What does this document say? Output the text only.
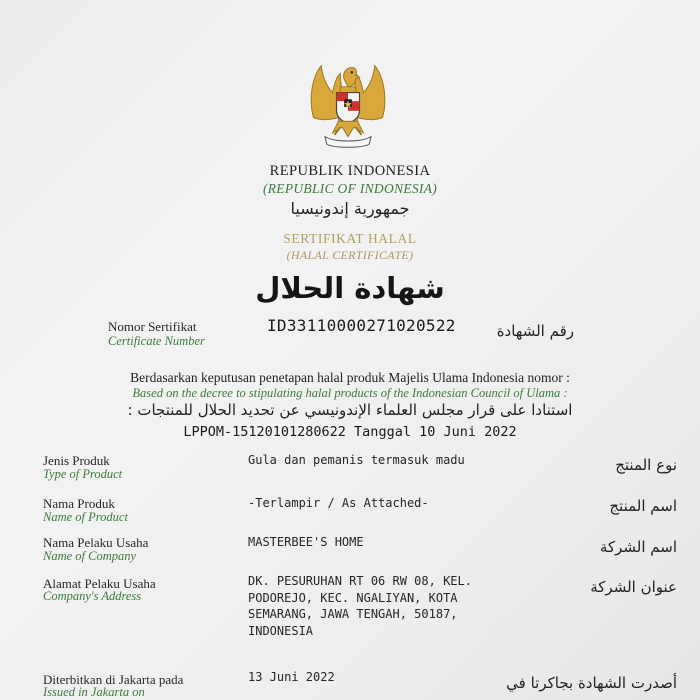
REPUBLIK INDONESIA
(REPUBLIC OF INDONESIA)
جمهورية إندونيسيا
SERTIFIKAT HALAL
(HALAL CERTIFICATE)
شهادة الحلال
Nomor Sertifikat
Certificate Number
ID33110000271020522	رقم الشهادة
Berdasarkan keputusan penetapan halal produk Majelis Ulama Indonesia nomor :
Based on the decree to stipulating halal products of the Indonesian Council of Ulama :
استنادا على قرار مجلس العلماء الإندونيسي عن تحديد الحلال للمنتجات :
LPPOM-15120101280622 Tanggal 10 Juni 2022
Jenis Produk
Type of Product
Gula dan pemanis termasuk madu	نوع المنتج
Nama Produk
Name of Product
-Terlampir / As Attached-	اسم المنتج
Nama Pelaku Usaha
Name of Company
MASTERBEE'S HOME	اسم الشركة
Alamat Pelaku Usaha
Company's Address
DK. PESURUHAN RT 06 RW 08, KEL. PODOREJO, KEC. NGALIYAN, KOTA SEMARANG, JAWA TENGAH, 50187, INDONESIA
عنوان الشركة
Diterbitkan di Jakarta pada
Issued in Jakarta on
13 Juni 2022	أصدرت الشهادة بجاكرتا في
